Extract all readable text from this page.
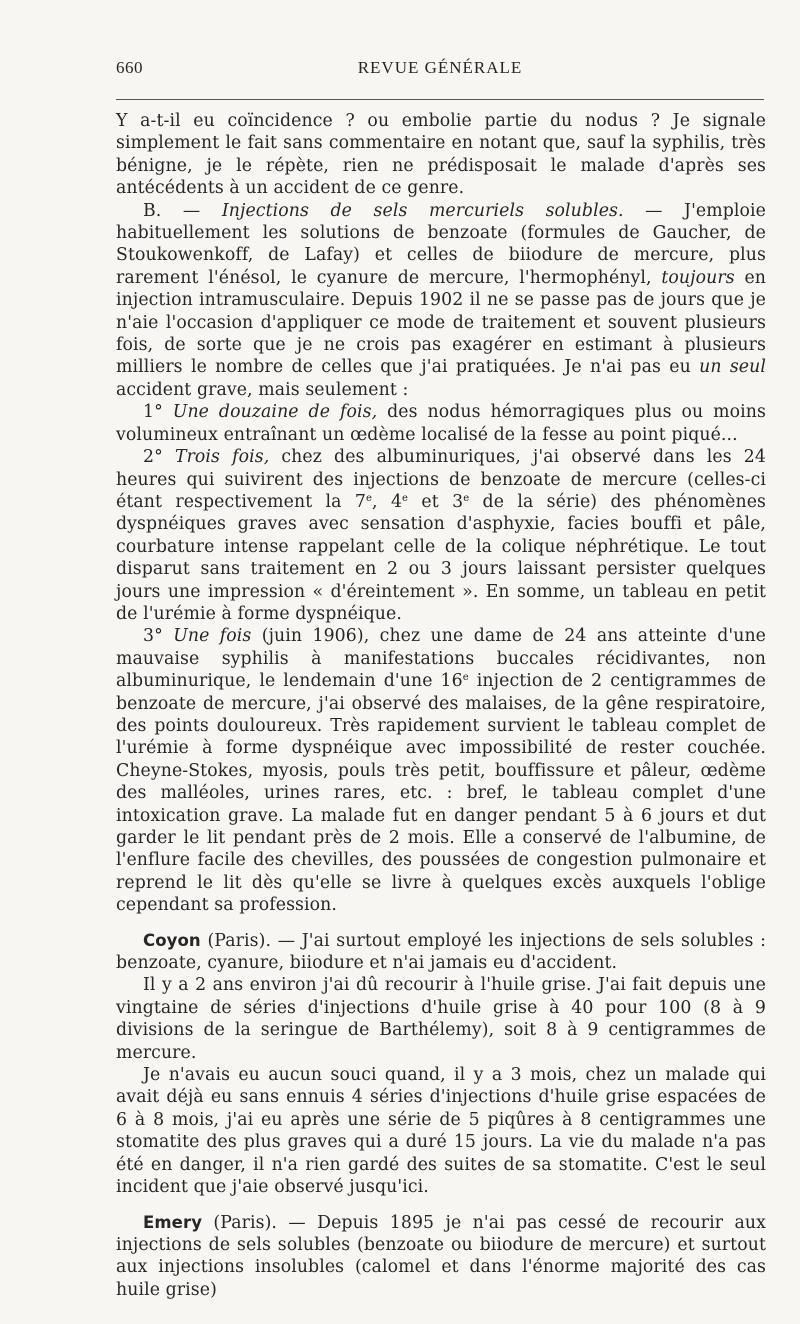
660	REVUE GÉNÉRALE

Y a-t-il eu coïncidence ? ou embolie partie du nodus ? Je signale simplement le fait sans commentaire en notant que, sauf la syphilis, très bénigne, je le répète, rien ne prédisposait le malade d'après ses antécédents à un accident de ce genre.

B. — Injections de sels mercuriels solubles. — J'emploie habituellement les solutions de benzoate (formules de Gaucher, de Stoukowenkoff, de Lafay) et celles de biiodure de mercure, plus rarement l'énésol, le cyanure de mercure, l'hermophényl, toujours en injection intramusculaire. Depuis 1902 il ne se passe pas de jours que je n'aie l'occasion d'appliquer ce mode de traitement et souvent plusieurs fois, de sorte que je ne crois pas exagérer en estimant à plusieurs milliers le nombre de celles que j'ai pratiquées. Je n'ai pas eu un seul accident grave, mais seulement :

1° Une douzaine de fois, des nodus hémorragiques plus ou moins volumineux entraînant un œdème localisé de la fesse au point piqué...

2° Trois fois, chez des albuminuriques, j'ai observé dans les 24 heures qui suivirent des injections de benzoate de mercure (celles-ci étant respectivement la 7e, 4e et 3e de la série) des phénomènes dyspnéiques graves avec sensation d'asphyxie, facies bouffi et pâle, courbature intense rappelant celle de la colique néphrétique. Le tout disparut sans traitement en 2 ou 3 jours laissant persister quelques jours une impression « d'éreintement ». En somme, un tableau en petit de l'urémie à forme dyspnéique.

3° Une fois (juin 1906), chez une dame de 24 ans atteinte d'une mauvaise syphilis à manifestations buccales récidivantes, non albuminurique, le lendemain d'une 16e injection de 2 centigrammes de benzoate de mercure, j'ai observé des malaises, de la gêne respiratoire, des points douloureux. Très rapidement survient le tableau complet de l'urémie à forme dyspnéique avec impossibilité de rester couchée. Cheyne-Stokes, myosis, pouls très petit, bouffissure et pâleur, œdème des malléoles, urines rares, etc. : bref, le tableau complet d'une intoxication grave. La malade fut en danger pendant 5 à 6 jours et dut garder le lit pendant près de 2 mois. Elle a conservé de l'albumine, de l'enflure facile des chevilles, des poussées de congestion pulmonaire et reprend le lit dès qu'elle se livre à quelques excès auxquels l'oblige cependant sa profession.

Coyon (Paris). — J'ai surtout employé les injections de sels solubles : benzoate, cyanure, biiodure et n'ai jamais eu d'accident.

Il y a 2 ans environ j'ai dû recourir à l'huile grise. J'ai fait depuis une vingtaine de séries d'injections d'huile grise à 40 pour 100 (8 à 9 divisions de la seringue de Barthélemy), soit 8 à 9 centigrammes de mercure.

Je n'avais eu aucun souci quand, il y a 3 mois, chez un malade qui avait déjà eu sans ennuis 4 séries d'injections d'huile grise espacées de 6 à 8 mois, j'ai eu après une série de 5 piqûres à 8 centigrammes une stomatite des plus graves qui a duré 15 jours. La vie du malade n'a pas été en danger, il n'a rien gardé des suites de sa stomatite. C'est le seul incident que j'aie observé jusqu'ici.

Emery (Paris). — Depuis 1895 je n'ai pas cessé de recourir aux injections de sels solubles (benzoate ou biiodure de mercure) et surtout aux injections insolubles (calomel et dans l'énorme majorité des cas huile grise)
